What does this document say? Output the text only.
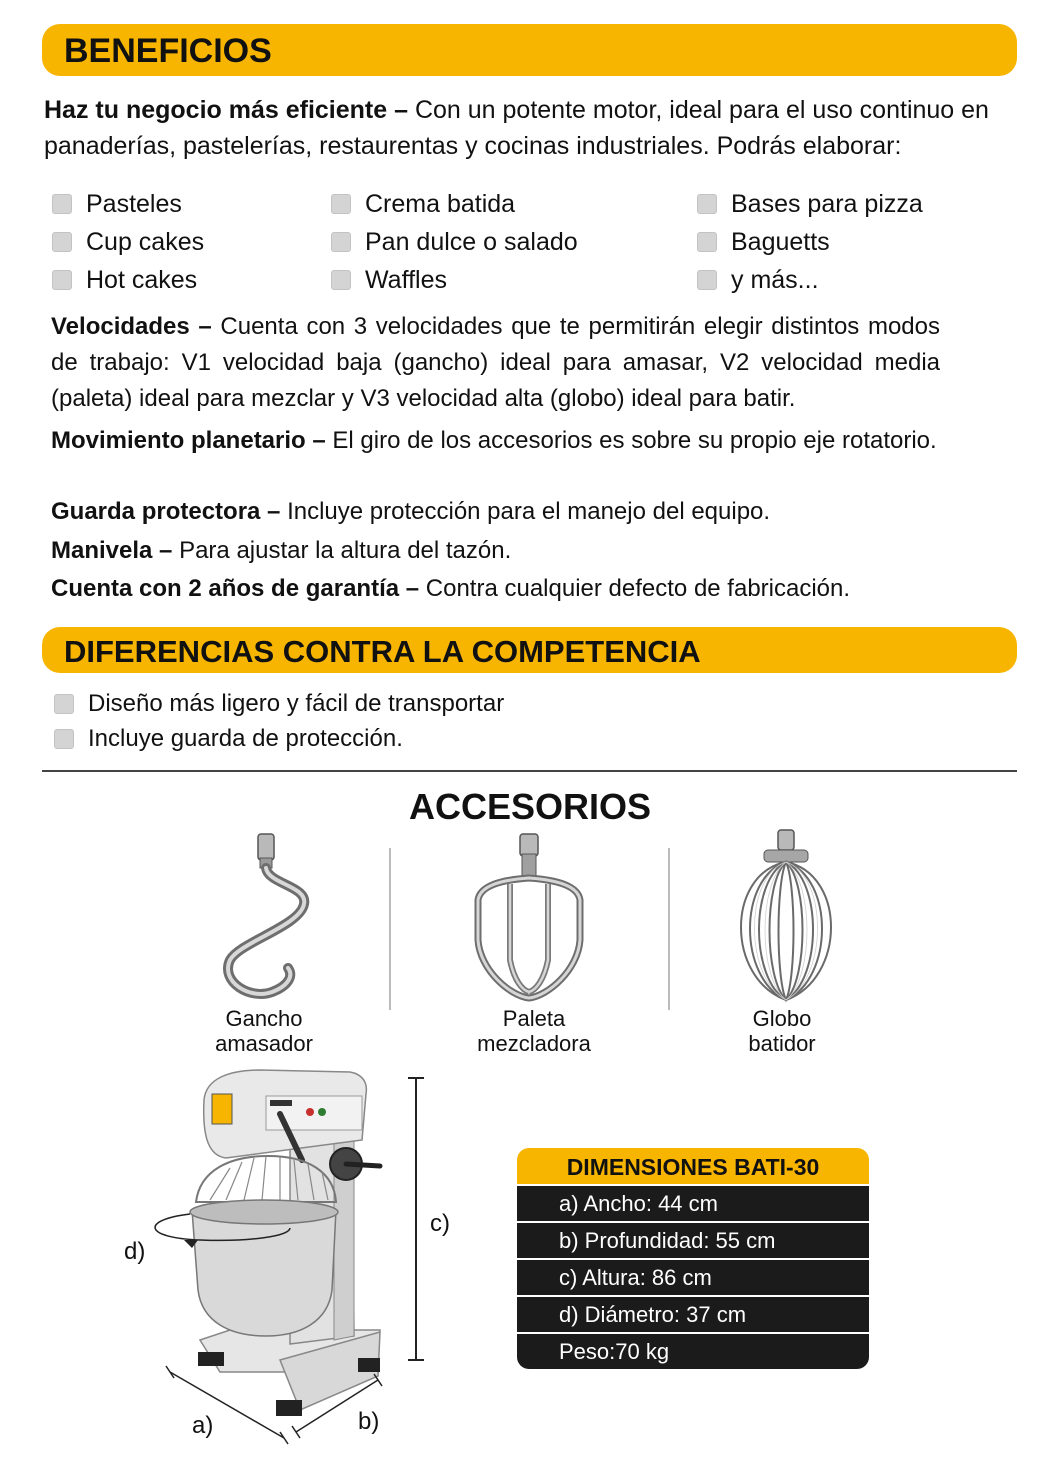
BENEFICIOS

Haz tu negocio más eficiente – Con un potente motor, ideal para el uso continuo en panaderías, pastelerías, restaurentas y cocinas industriales. Podrás elaborar:

Pasteles
Cup cakes
Hot cakes
Crema batida
Pan dulce o salado
Waffles
Bases para pizza
Baguetts
y más...

Velocidades – Cuenta con 3 velocidades que te permitirán elegir distintos modos de trabajo: V1 velocidad baja (gancho) ideal para amasar, V2 velocidad media (paleta) ideal para mezclar y V3 velocidad alta (globo) ideal para batir.

Movimiento planetario – El giro de los accesorios es sobre su propio eje rotatorio.

Guarda protectora – Incluye protección para el manejo del equipo.

Manivela – Para ajustar la altura del tazón.

Cuenta con 2 años de garantía – Contra cualquier defecto de fabricación.

DIFERENCIAS CONTRA LA COMPETENCIA
Diseño más ligero y fácil de transportar
Incluye guarda de protección.
ACCESORIOS
Gancho
amasador
Paleta
mezcladora
Globo
batidor
d)
c)
a)	b)
DIMENSIONES BATI-30
a) Ancho: 44 cm
b) Profundidad: 55 cm
c) Altura: 86 cm
d) Diámetro: 37 cm
Peso:70 kg
